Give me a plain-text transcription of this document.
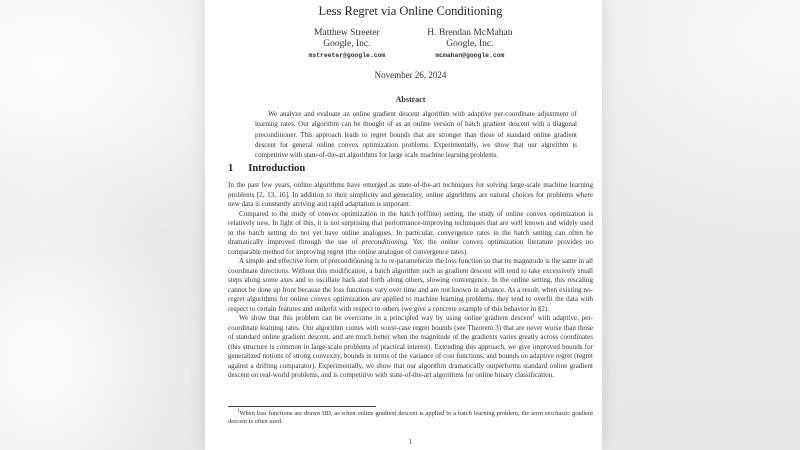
Less Regret via Online Conditioning
Matthew Streeter
Google, Inc.
mstreeter@google.com
H. Brendan McMahan
Google, Inc.
mcmahan@google.com
November 26, 2024
Abstract

We analyze and evaluate an online gradient descent algorithm with adaptive per-coordinate adjustment of learning rates. Our algorithm can be thought of as an online version of batch gradient descent with a diagonal preconditioner. This approach leads to regret bounds that are stronger than those of standard online gradient descent for general online convex optimization problems. Experimentally, we show that our algorithm is competitive with state-of-the-art algorithms for large scale machine learning problems.

1 Introduction

In the past few years, online algorithms have emerged as state-of-the-art techniques for solving large-scale machine learning problems [2, 13, 16]. In addition to their simplicity and generality, online algorithms are natural choices for problems where new data is constantly arriving and rapid adaptation is imporant.

Compared to the study of convex optimization in the batch (offline) setting, the study of online convex optimization is relatively new. In light of this, it is not surprising that performance-improving techniques that are well known and widely used in the batch setting do not yet have online analogues. In particular, convergence rates in the batch setting can often be dramatically improved through the use of preconditioning. Yet, the online convex optimization literature provides no comparable method for improving regret (the online analogue of convergence rates).

A simple and effective form of preconditioning is to re-parameterize the loss function so that its magnitude is the same in all coordinate directions. Without this modification, a batch algorithm such as gradient descent will tend to take excessively small steps along some axes and to oscillate back and forth along others, slowing convergence. In the online setting, this rescaling cannot be done up front because the loss functions vary over time and are not known in advance. As a result, when existing no-regret algorithms for online convex optimization are applied to machine learning problems, they tend to overfit the data with respect to certain features and underfit with respect to others (we give a concrete example of this behavior in §2).

We show that this problem can be overcome in a principled way by using online gradient descent$^1$ with adaptive, per-coordinate learning rates. Our algorithm comes with worst-case regret bounds (see Theorem 3) that are never worse than those of standard online gradient descent, and are much better when the magnitude of the gradients varies greatly across coordinates (this structure is common in large-scale problems of practical interest). Extending this approach, we give improved bounds for generalized notions of strong convexity, bounds in terms of the variance of cost functions, and bounds on adaptive regret (regret against a drifting comparator). Experimentally, we show that our algorithm dramatically outperforms standard online gradient descent on real-world problems, and is competitive with state-of-the-art algorithms for online binary classification.

$^1$When loss functions are drawn IID, as when online gradient descent is applied to a batch learning problem, the term stochastic gradient descent is often used.

1
